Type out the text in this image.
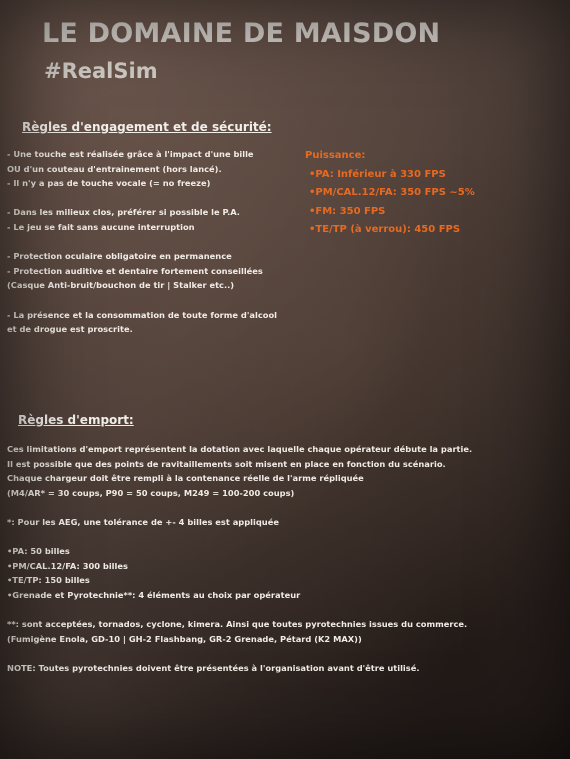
LE DOMAINE DE MAISDON
#RealSim
Règles d'engagement et de sécurité:
- Une touche est réalisée grâce à l'impact d'une bille
OU d'un couteau d'entrainement (hors lancé).
- Il n'y a pas de touche vocale (= no freeze)
- Dans les milieux clos, préférer si possible le P.A.
- Le jeu se fait sans aucune interruption
- Protection oculaire obligatoire en permanence
- Protection auditive et dentaire fortement conseillées
(Casque Anti-bruit/bouchon de tir | Stalker etc..)
- La présence et la consommation de toute forme d'alcool
et de drogue est proscrite.
Puissance:
•PA: Inférieur à 330 FPS
•PM/CAL.12/FA: 350 FPS ~5%
•FM: 350 FPS
•TE/TP (à verrou): 450 FPS
Règles d'emport:
Ces limitations d'emport représentent la dotation avec laquelle chaque opérateur débute la partie.
Il est possible que des points de ravitaillements soit misent en place en fonction du scénario.
Chaque chargeur doit être rempli à la contenance réelle de l'arme répliquée
(M4/AR* = 30 coups, P90 = 50 coups, M249 = 100-200 coups)
*: Pour les AEG, une tolérance de +- 4 billes est appliquée
•PA: 50 billes
•PM/CAL.12/FA: 300 billes
•TE/TP: 150 billes
•Grenade et Pyrotechnie**: 4 éléments au choix par opérateur
**: sont acceptées, tornados, cyclone, kimera. Ainsi que toutes pyrotechnies issues du commerce.
(Fumigène Enola, GD-10 | GH-2 Flashbang, GR-2 Grenade, Pétard (K2 MAX))
NOTE: Toutes pyrotechnies doivent être présentées à l'organisation avant d'être utilisé.
